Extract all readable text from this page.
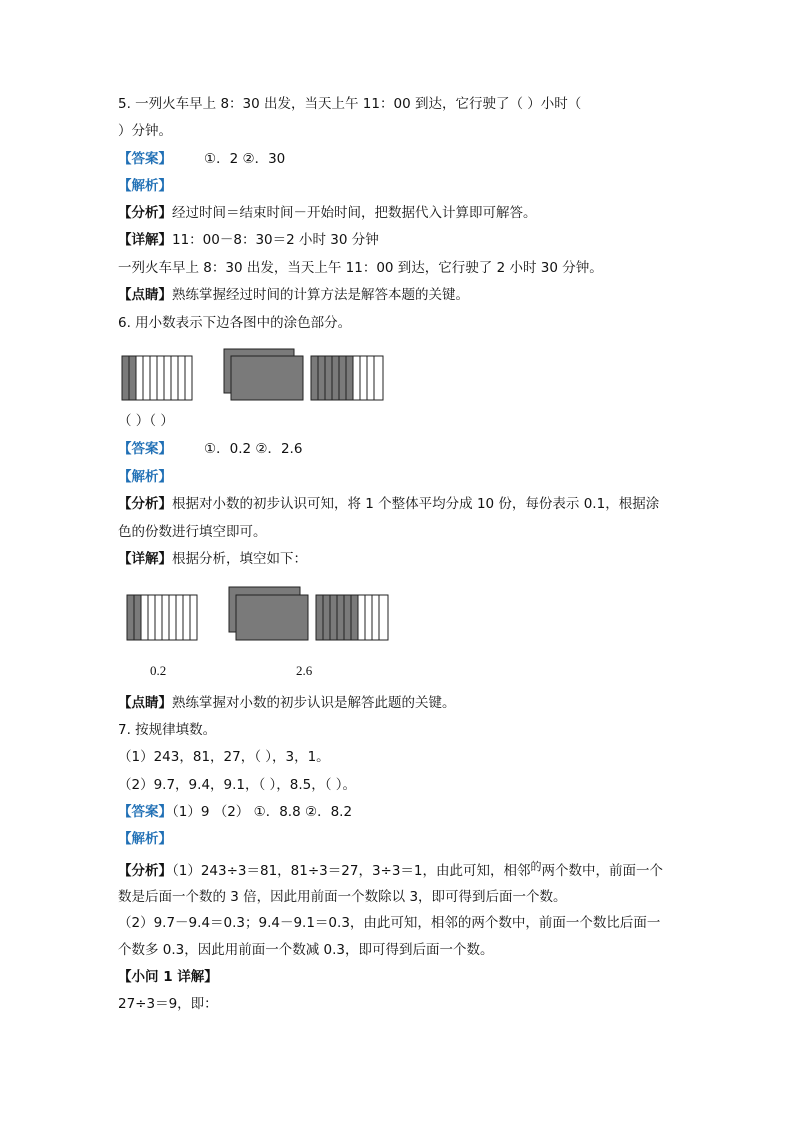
5. 一列火车早上 8：30 出发，当天上午 11：00 到达，它行驶了（ ）小时（
）分钟。
【答案】 ①．2 ②．30
【解析】
【分析】经过时间＝结束时间－开始时间，把数据代入计算即可解答。
【详解】11：00－8：30＝2 小时 30 分钟
一列火车早上 8：30 出发，当天上午 11：00 到达，它行驶了 2 小时 30 分钟。
【点睛】熟练掌握经过时间的计算方法是解答本题的关键。
6. 用小数表示下边各图中的涂色部分。
（ ）（ ）
【答案】 ①．0.2 ②．2.6
【解析】
【分析】根据对小数的初步认识可知，将 1 个整体平均分成 10 份，每份表示 0.1，根据涂
色的份数进行填空即可。
【详解】根据分析，填空如下：
0.2	2.6
【点睛】熟练掌握对小数的初步认识是解答此题的关键。
7. 按规律填数。
（1）243，81，27，（ ），3，1。
（2）9.7，9.4，9.1，（ ），8.5，（ ）。
【答案】（1）9 （2） ①．8.8 ②．8.2
【解析】
【分析】（1）243÷3＝81，81÷3＝27，3÷3＝1，由此可知，相邻$^的$两个数中，前面一个
数是后面一个数的 3 倍，因此用前面一个数除以 3，即可得到后面一个数。
（2）9.7－9.4＝0.3；9.4－9.1＝0.3，由此可知，相邻的两个数中，前面一个数比后面一
个数多 0.3，因此用前面一个数减 0.3，即可得到后面一个数。
【小问 1 详解】
27÷3＝9，即：
